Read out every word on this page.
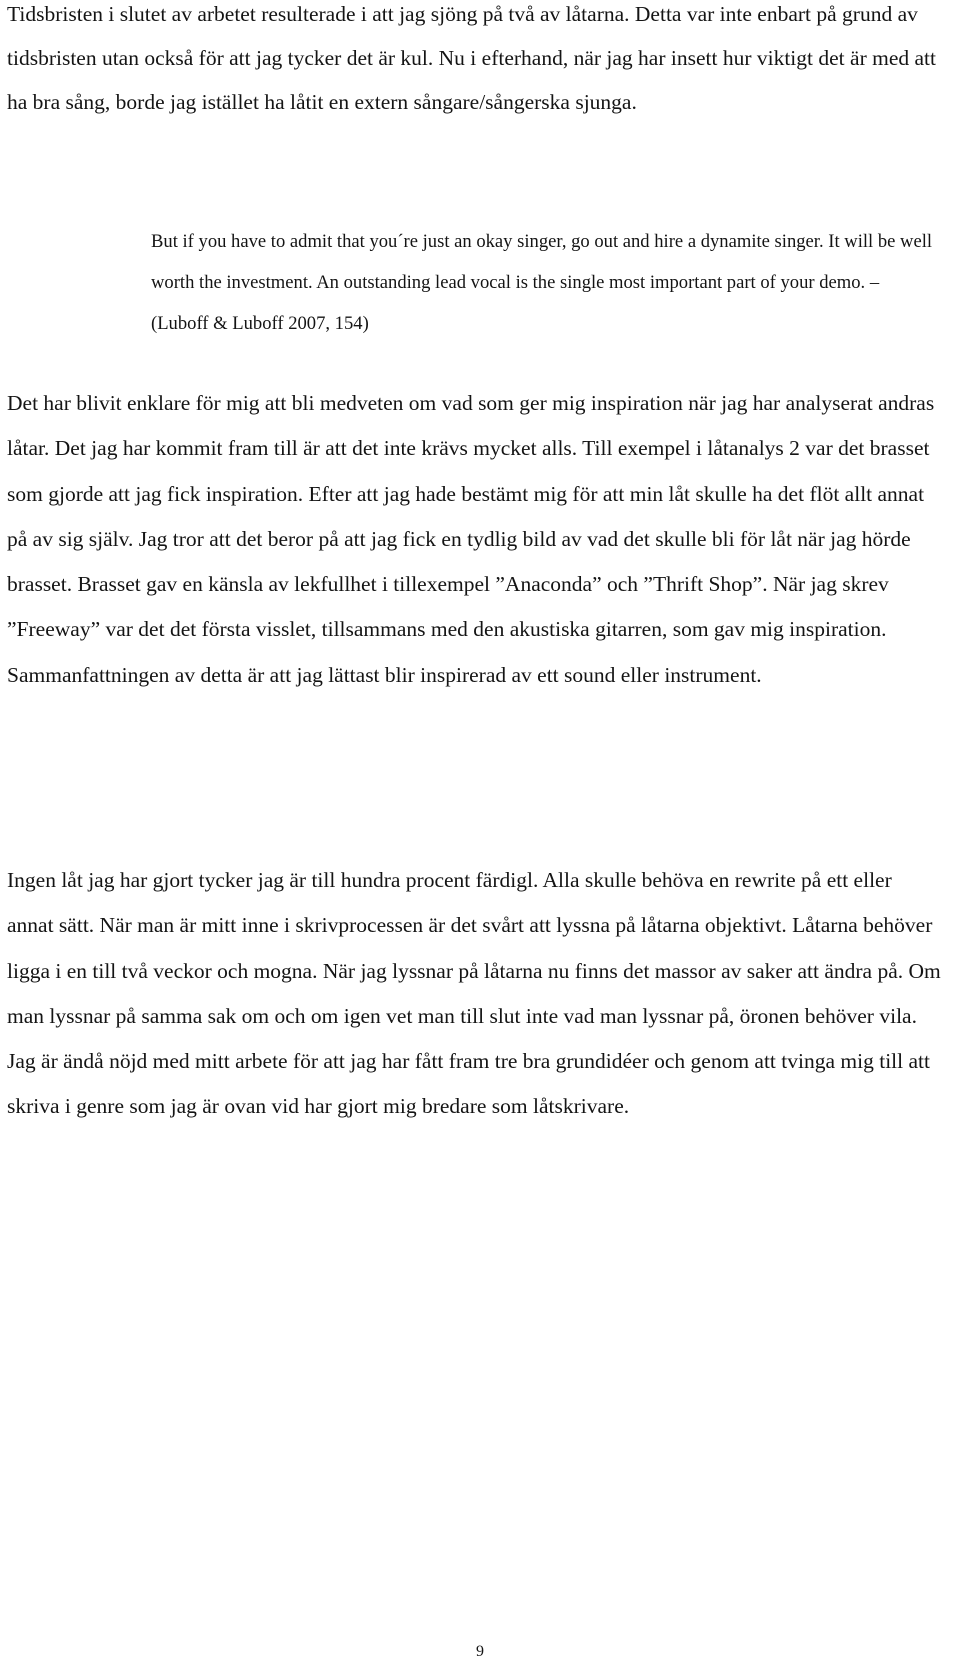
Tidsbristen i slutet av arbetet resulterade i att jag sjöng på två av låtarna. Detta var inte enbart på grund av tidsbristen utan också för att jag tycker det är kul. Nu i efterhand, när jag har insett hur viktigt det är med att ha bra sång, borde jag istället ha låtit en extern sångare/sångerska sjunga.

But if you have to admit that you´re just an okay singer, go out and hire a dynamite singer. It will be well worth the investment. An outstanding lead vocal is the single most important part of your demo. – (Luboff & Luboff 2007, 154)

Det har blivit enklare för mig att bli medveten om vad som ger mig inspiration när jag har analyserat andras låtar. Det jag har kommit fram till är att det inte krävs mycket alls. Till exempel i låtanalys 2 var det brasset som gjorde att jag fick inspiration. Efter att jag hade bestämt mig för att min låt skulle ha det flöt allt annat på av sig själv. Jag tror att det beror på att jag fick en tydlig bild av vad det skulle bli för låt när jag hörde brasset. Brasset gav en känsla av lekfullhet i tillexempel ”Anaconda” och ”Thrift Shop”. När jag skrev ”Freeway” var det det första visslet, tillsammans med den akustiska gitarren, som gav mig inspiration. Sammanfattningen av detta är att jag lättast blir inspirerad av ett sound eller instrument.

Ingen låt jag har gjort tycker jag är till hundra procent färdigl. Alla skulle behöva en rewrite på ett eller annat sätt. När man är mitt inne i skrivprocessen är det svårt att lyssna på låtarna objektivt. Låtarna behöver ligga i en till två veckor och mogna. När jag lyssnar på låtarna nu finns det massor av saker att ändra på. Om man lyssnar på samma sak om och om igen vet man till slut inte vad man lyssnar på, öronen behöver vila. Jag är ändå nöjd med mitt arbete för att jag har fått fram tre bra grundidéer och genom att tvinga mig till att skriva i genre som jag är ovan vid har gjort mig bredare som låtskrivare.

9
